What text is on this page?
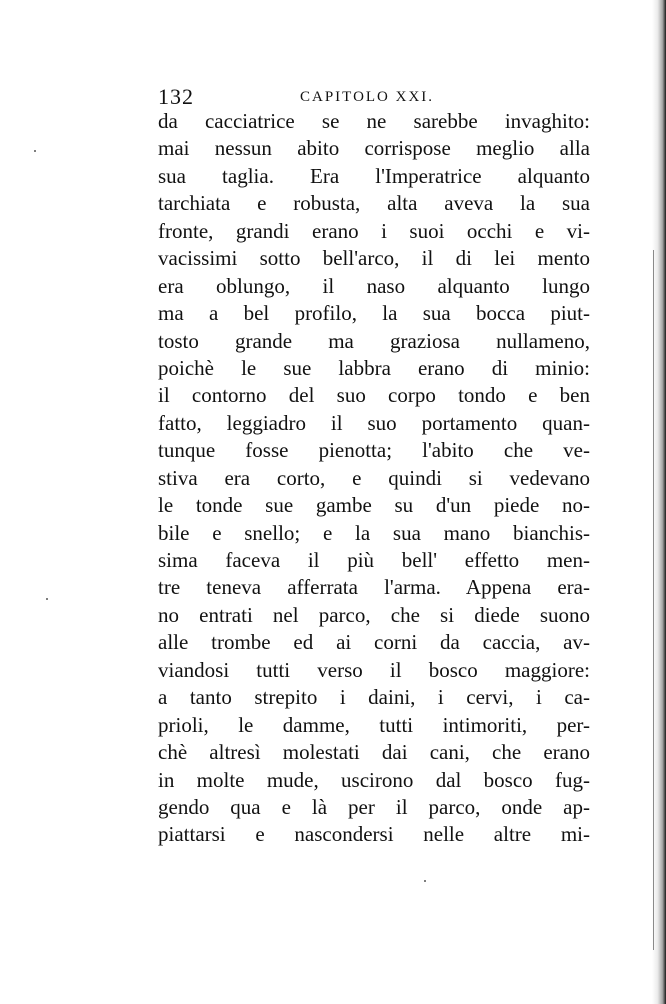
132	CAPITOLO XXI.
da cacciatrice se ne sarebbe invaghito:
mai nessun abito corrispose meglio alla
sua taglia. Era l'Imperatrice alquanto
tarchiata e robusta, alta aveva la sua
fronte, grandi erano i suoi occhi e vi-
vacissimi sotto bell'arco, il di lei mento
era oblungo, il naso alquanto lungo
ma a bel profilo, la sua bocca piut-
tosto grande ma graziosa nullameno,
poichè le sue labbra erano di minio:
il contorno del suo corpo tondo e ben
fatto, leggiadro il suo portamento quan-
tunque fosse pienotta; l'abito che ve-
stiva era corto, e quindi si vedevano
le tonde sue gambe su d'un piede no-
bile e snello; e la sua mano bianchis-
sima faceva il più bell' effetto men-
tre teneva afferrata l'arma. Appena era-
no entrati nel parco, che si diede suono
alle trombe ed ai corni da caccia, av-
viandosi tutti verso il bosco maggiore:
a tanto strepito i daini, i cervi, i ca-
prioli, le damme, tutti intimoriti, per-
chè altresì molestati dai cani, che erano
in molte mude, uscirono dal bosco fug-
gendo qua e là per il parco, onde ap-
piattarsi e nascondersi nelle altre mi-
